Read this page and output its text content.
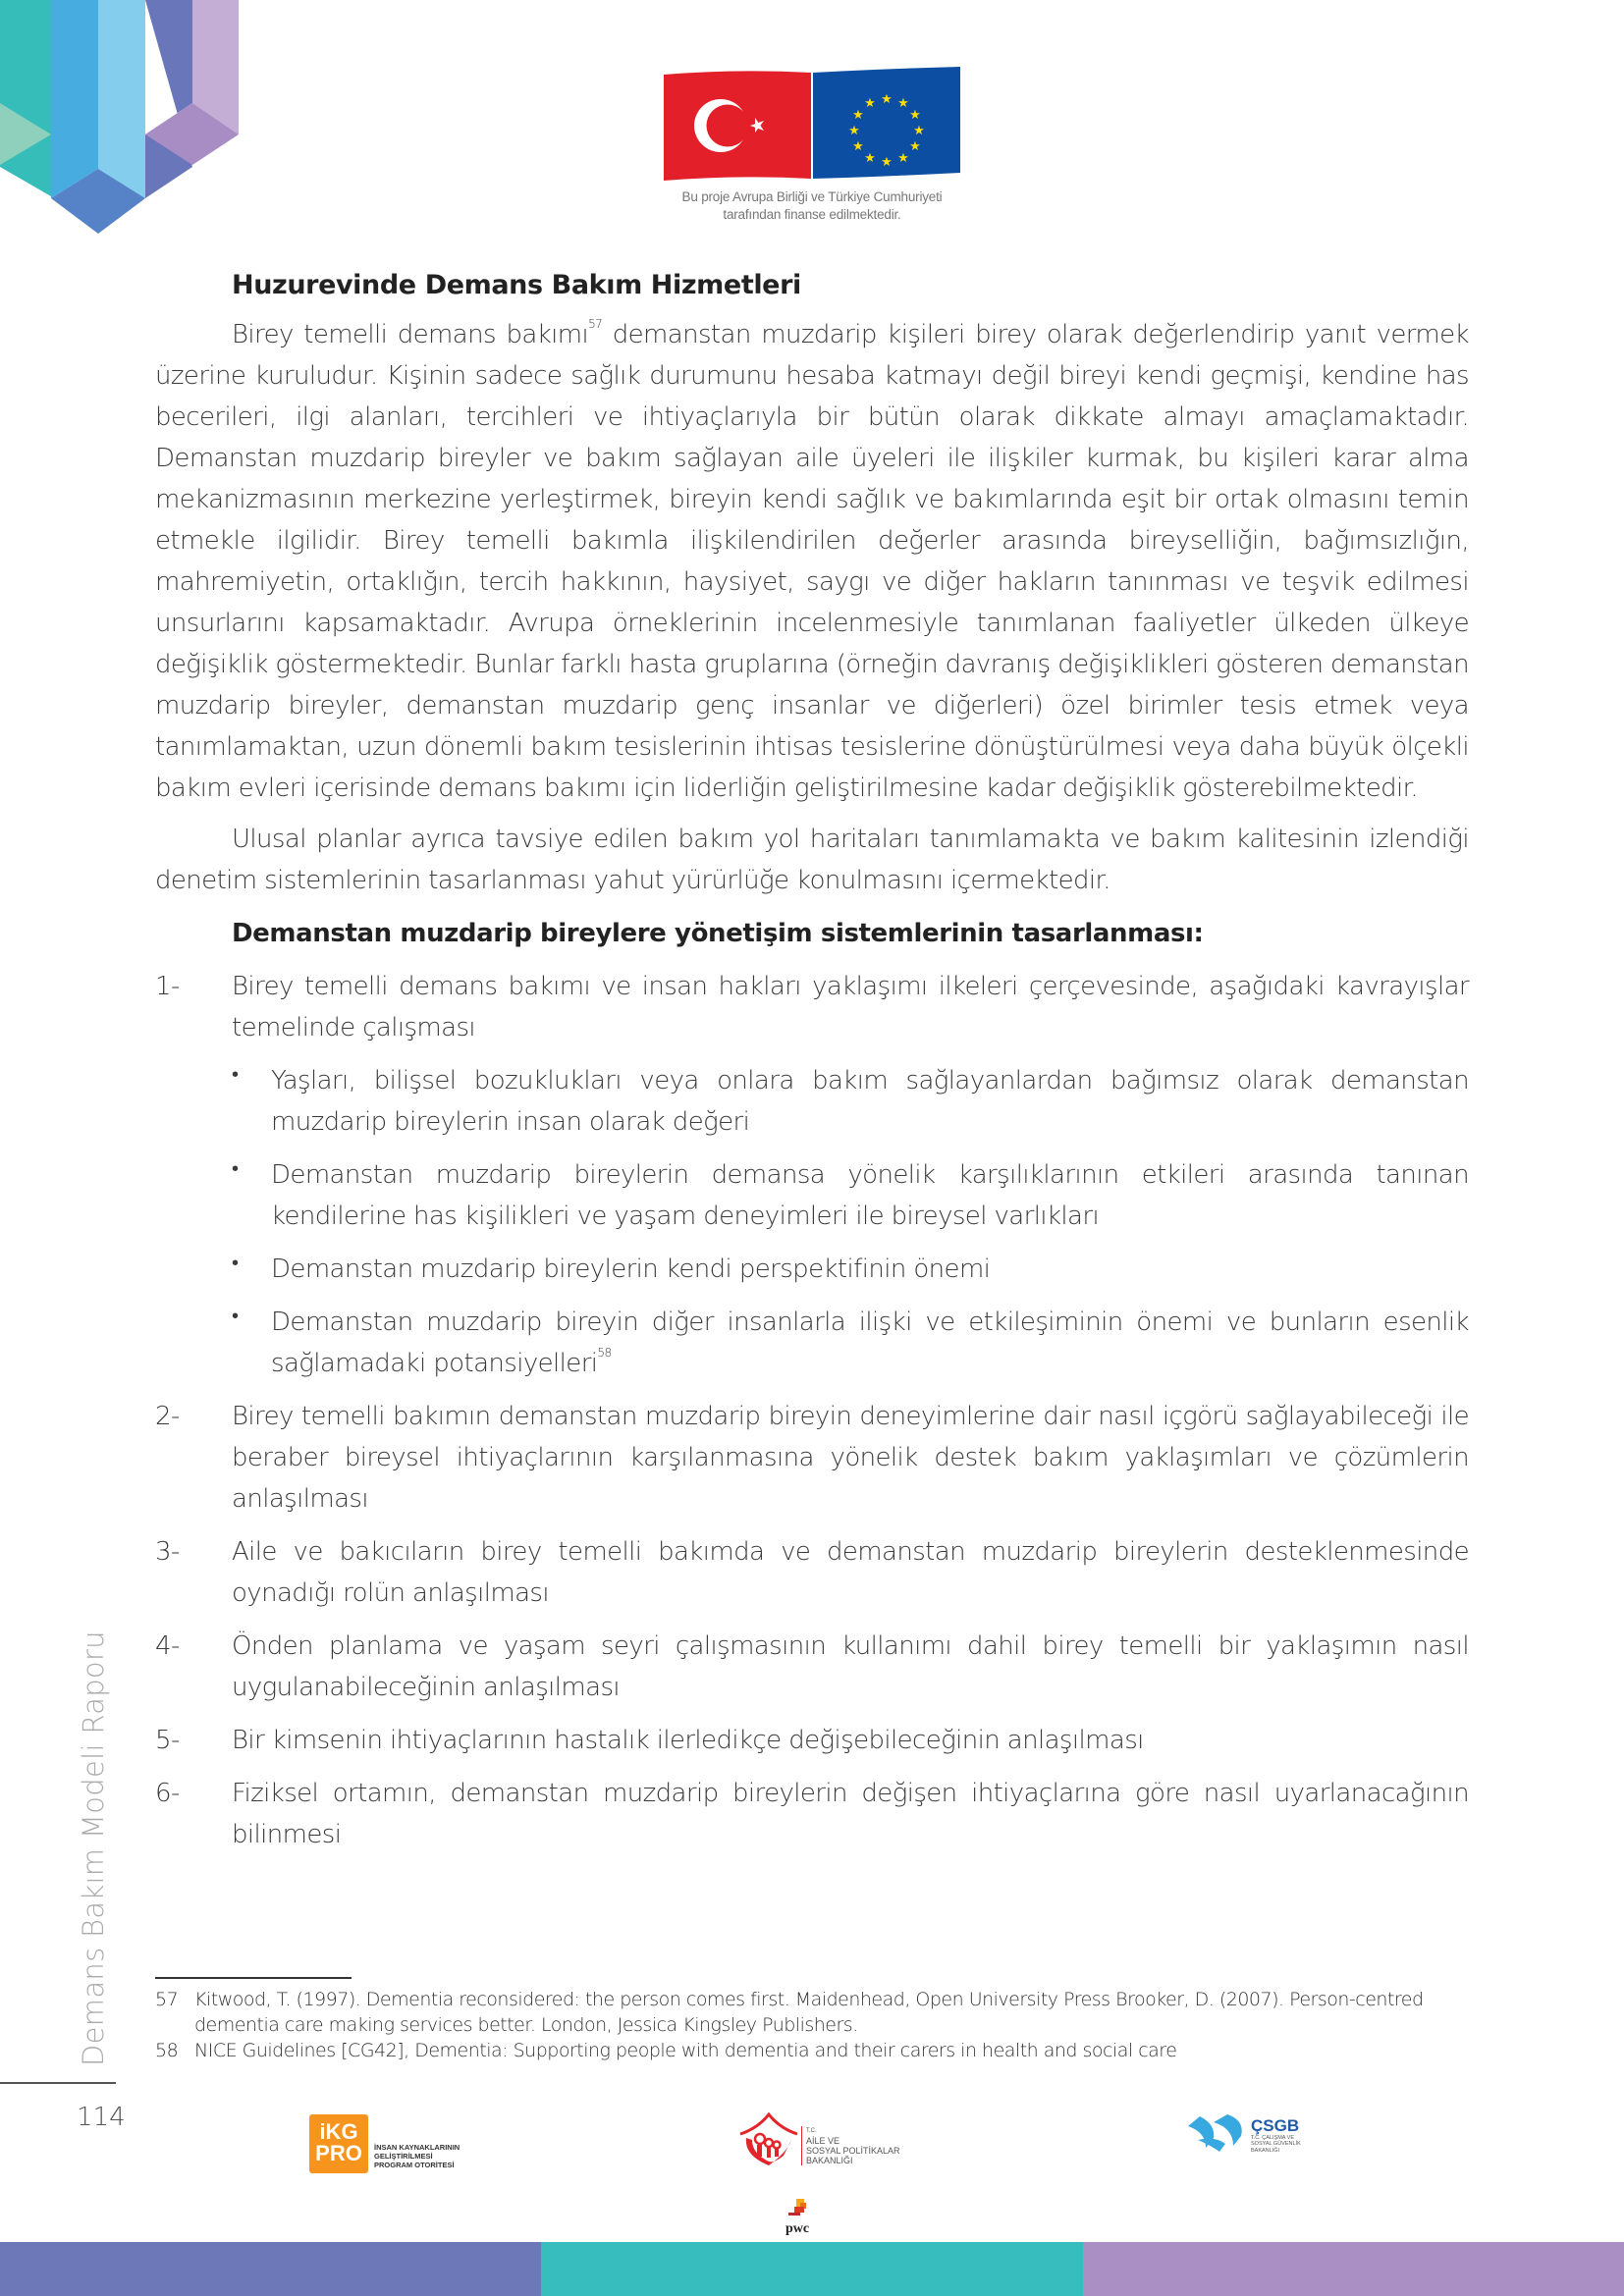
★ ★
★
★
★
★
★
★
★
★
★
★
Bu proje Avrupa Birliği ve Türkiye Cumhuriyeti
tarafından finanse edilmektedir.

Huzurevinde Demans Bakım Hizmetleri

Birey temelli demans bakımı$^{57}$ demanstan muzdarip kişileri birey olarak değerlendirip yanıt vermek üzerine kuruludur. Kişinin sadece sağlık durumunu hesaba katmayı değil bireyi kendi geçmişi, kendine has becerileri, ilgi alanları, tercihleri ve ihtiyaçlarıyla bir bütün olarak dikkate almayı amaçlamaktadır. Demanstan muzdarip bireyler ve bakım sağlayan aile üyeleri ile ilişkiler kurmak, bu kişileri karar alma mekanizmasının merkezine yerleştirmek, bireyin kendi sağlık ve bakımlarında eşit bir ortak olmasını temin etmekle ilgilidir. Birey temelli bakımla ilişkilendirilen değerler arasında bireyselliğin, bağımsızlığın, mahremiyetin, ortaklığın, tercih hakkının, haysiyet, saygı ve diğer hakların tanınması ve teşvik edilmesi unsurlarını kapsamaktadır. Avrupa örneklerinin incelenmesiyle tanımlanan faaliyetler ülkeden ülkeye değişiklik göstermektedir. Bunlar farklı hasta gruplarına (örneğin davranış değişiklikleri gösteren demanstan muzdarip bireyler, demanstan muzdarip genç insanlar ve diğerleri) özel birimler tesis etmek veya tanımlamaktan, uzun dönemli bakım tesislerinin ihtisas tesislerine dönüştürülmesi veya daha büyük ölçekli bakım evleri içerisinde demans bakımı için liderliğin geliştirilmesine kadar değişiklik gösterebilmektedir.

Ulusal planlar ayrıca tavsiye edilen bakım yol haritaları tanımlamakta ve bakım kalitesinin izlendiği denetim sistemlerinin tasarlanması yahut yürürlüğe konulmasını içermektedir.

Demanstan muzdarip bireylere yönetişim sistemlerinin tasarlanması:

1-	Birey temelli demans bakımı ve insan hakları yaklaşımı ilkeleri çerçevesinde, aşağıdaki kavrayışlar temelinde çalışması
•	Yaşları, bilişsel bozuklukları veya onlara bakım sağlayanlardan bağımsız olarak demanstan muzdarip bireylerin insan olarak değeri
•	Demanstan muzdarip bireylerin demansa yönelik karşılıklarının etkileri arasında tanınan kendilerine has kişilikleri ve yaşam deneyimleri ile bireysel varlıkları
•	Demanstan muzdarip bireylerin kendi perspektifinin önemi
•	Demanstan muzdarip bireyin diğer insanlarla ilişki ve etkileşiminin önemi ve bunların esenlik sağlamadaki potansiyelleri$^{58}$
2-	Birey temelli bakımın demanstan muzdarip bireyin deneyimlerine dair nasıl içgörü sağlayabileceği ile beraber bireysel ihtiyaçlarının karşılanmasına yönelik destek bakım yaklaşımları ve çözümlerin anlaşılması
3-	Aile ve bakıcıların birey temelli bakımda ve demanstan muzdarip bireylerin desteklenmesinde oynadığı rolün anlaşılması
4-	Önden planlama ve yaşam seyri çalışmasının kullanımı dahil birey temelli bir yaklaşımın nasıl uygulanabileceğinin anlaşılması
5-	Bir kimsenin ihtiyaçlarının hastalık ilerledikçe değişebileceğinin anlaşılması
6-	Fiziksel ortamın, demanstan muzdarip bireylerin değişen ihtiyaçlarına göre nasıl uyarlanacağının bilinmesi
57 Kitwood, T. (1997). Dementia reconsidered: the person comes first. Maidenhead, Open University Press Brooker, D. (2007). Person-centred dementia care making services better. London, Jessica Kingsley Publishers.
58 NICE Guidelines [CG42], Dementia: Supporting people with dementia and their carers in health and social care
Demans Bakım Modeli Raporu
114	iKG
PRO	İNSAN KAYNAKLARININ
GELİŞTİRİLMESİ
PROGRAM OTORİTESİ
T.C.
AİLE VE
SOSYAL POLİTİKALAR
BAKANLIĞI
pwc
ÇSGB
T.C. ÇALIŞMA VE
SOSYAL GÜVENLİK
BAKANLIĞI
